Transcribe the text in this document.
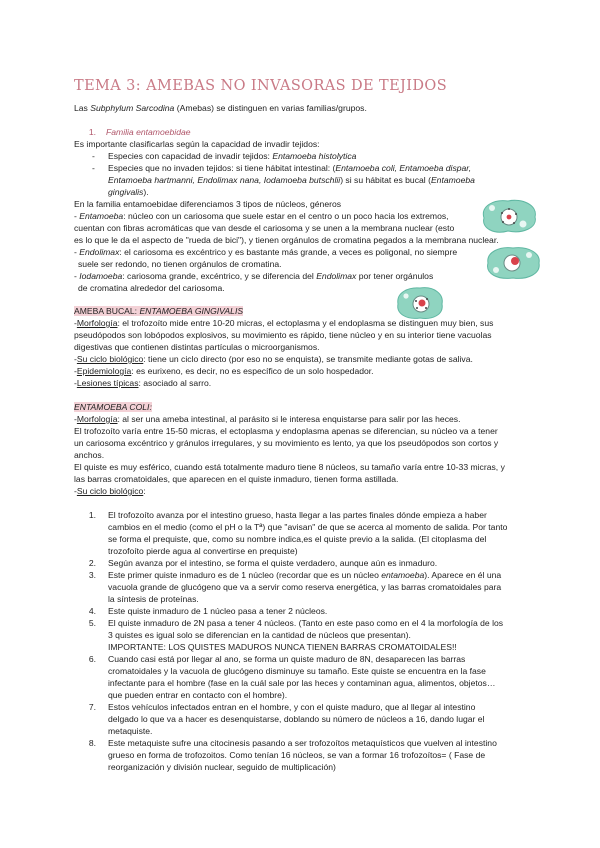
TEMA 3: AMEBAS NO INVASORAS DE TEJIDOS
Las Subphylum Sarcodina (Amebas) se distinguen en varias familias/grupos.
1. Familia entamoebidae
Es importante clasificarlas según la capacidad de invadir tejidos:
-	Especies con capacidad de invadir tejidos: Entamoeba histolytica
-	Especies que no invaden tejidos: si tiene hábitat intestinal: (Entamoeba coli, Entamoeba dispar,
Entamoeba hartmanni, Endolimax nana, Iodamoeba butschlii) si su hábitat es bucal (Entamoeba
gingivalis).
En la familia entamoebidae diferenciamos 3 tipos de núcleos, géneros
- Entamoeba: núcleo con un cariosoma que suele estar en el centro o un poco hacia los extremos,
cuentan con fibras acromáticas que van desde el cariosoma y se unen a la membrana nuclear (esto
es lo que le da el aspecto de "rueda de bici"), y tienen orgánulos de cromatina pegados a la membrana nuclear.
- Endolimax: el cariosoma es excéntrico y es bastante más grande, a veces es poligonal, no siempre
suele ser redondo, no tienen orgánulos de cromatina.
- Iodamoeba: cariosoma grande, excéntrico, y se diferencia del Endolimax por tener orgánulos
de cromatina alrededor del cariosoma.
AMEBA BUCAL: ENTAMOEBA GINGIVALIS
-Morfología: el trofozoíto mide entre 10-20 micras, el ectoplasma y el endoplasma se distinguen muy bien, sus
pseudópodos son lobópodos explosivos, su movimiento es rápido, tiene núcleo y en su interior tiene vacuolas
digestivas que contienen distintas partículas o microorganismos.
-Su ciclo biológico: tiene un ciclo directo (por eso no se enquista), se transmite mediante gotas de saliva.
-Epidemiología: es eurixeno, es decir, no es específico de un solo hospedador.
-Lesiones típicas: asociado al sarro.
ENTAMOEBA COLI:
-Morfología: al ser una ameba intestinal, al parásito si le interesa enquistarse para salir por las heces.
El trofozoíto varía entre 15-50 micras, el ectoplasma y endoplasma apenas se diferencian, su núcleo va a tener
un cariosoma excéntrico y gránulos irregulares, y su movimiento es lento, ya que los pseudópodos son cortos y
anchos.
El quiste es muy esférico, cuando está totalmente maduro tiene 8 núcleos, su tamaño varía entre 10-33 micras, y
las barras cromatoidales, que aparecen en el quiste inmaduro, tienen forma astillada.
-Su ciclo biológico:
1. El trofozoíto avanza por el intestino grueso, hasta llegar a las partes finales dónde empieza a haber
cambios en el medio (como el pH o la Tª) que "avisan" de que se acerca al momento de salida. Por tanto
se forma el prequiste, que, como su nombre indica,es el quiste previo a la salida. (El citoplasma del
trozofoíto pierde agua al convertirse en prequiste)
2. Según avanza por el intestino, se forma el quiste verdadero, aunque aún es inmaduro.
3. Este primer quiste inmaduro es de 1 núcleo (recordar que es un núcleo entamoeba). Aparece en él una
vacuola grande de glucógeno que va a servir como reserva energética, y las barras cromatoidales para
la síntesis de proteínas.
4. Este quiste inmaduro de 1 núcleo pasa a tener 2 núcleos.
5. El quiste inmaduro de 2N pasa a tener 4 núcleos. (Tanto en este paso como en el 4 la morfología de los
3 quistes es igual solo se diferencian en la cantidad de núcleos que presentan).
IMPORTANTE: LOS QUISTES MADUROS NUNCA TIENEN BARRAS CROMATOIDALES!!
6. Cuando casi está por llegar al ano, se forma un quiste maduro de 8N, desaparecen las barras
cromatoidales y la vacuola de glucógeno disminuye su tamaño. Este quiste se encuentra en la fase
infectante para el hombre (fase en la cuál sale por las heces y contaminan agua, alimentos, objetos…
que pueden entrar en contacto con el hombre).
7. Estos vehículos infectados entran en el hombre, y con el quiste maduro, que al llegar al intestino
delgado lo que va a hacer es desenquistarse, doblando su número de núcleos a 16, dando lugar el
metaquiste.
8. Este metaquiste sufre una citocinesis pasando a ser trofozoítos metaquísticos que vuelven al intestino
grueso en forma de trofozoitos. Como tenían 16 núcleos, se van a formar 16 trofozoítos= ( Fase de
reorganización y división nuclear, seguido de multiplicación)
